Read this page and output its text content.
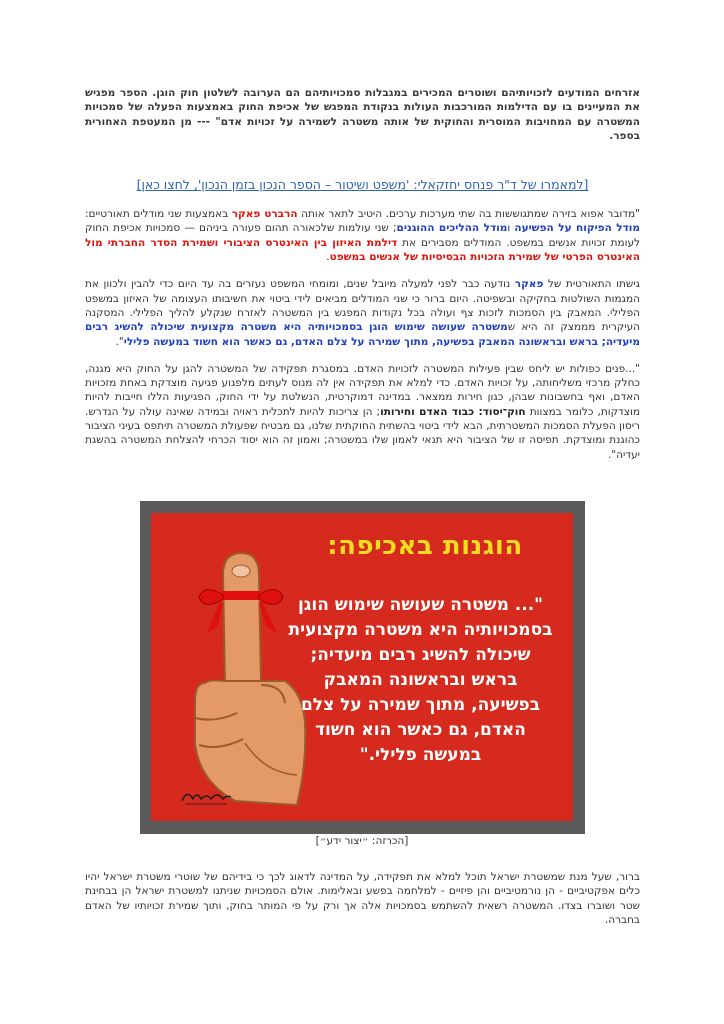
אזרחים המודעים לזכויותיהם ושוטרים המכירים במגבלות סמכויותיהם הם הערובה לשלטון חוק הוגן. הספר מפגיש את המעיינים בו עם הדילמות המורכבות העולות בנקודת המפגש של אכיפת החוק באמצעות הפעלה של סמכויות המשטרה עם המחויבות המוסרית והחוקית של אותה משטרה לשמירה על זכויות אדם" --- מן המעטפת האחורית בספר.

[למאמרו של ד"ר פנחס יחזקאלי: 'משפט ושיטור – הספר הנכון בזמן הנכון', לחצו כאן]

"מדובר אפוא בזירה שמתגוששות בה שתי מערכות ערכים. היטיב לתאר אותה הרברט פאקר באמצעות שני מודלים תאורטיים: מודל הפיקוח על הפשיעה ומודל ההליכים ההוגנים; שני עולמות שלכאורה תהום פעורה ביניהם — סמכויות אכיפת החוק לעומת זכויות אנשים במשפט. המודלים מסבירים את דילמת האיזון בין האינטרס הציבורי ושמירת הסדר החברתי מול האינטרס הפרטי של שמירת הזכויות הבסיסיות של אנשים במשפט.

גישתו התאורטית של פאקר נודעה כבר לפני למעלה מיובל שנים, ומומחי המשפט נעזרים בה עד היום כדי להבין ולכוון את המגמות השולטות בחקיקה ובשפיטה. היום ברור כי שני המודלים מביאים לידי ביטוי את חשיבותו העצומה של האיזון במשפט הפלילי. המאבק בין הסמכות לזכות צף ועולה בכל נקודות המפגש בין המשטרה לאזרח שנקלע להליך הפלילי. המסקנה העיקרית מממצק זה היא שמשטרה שעושה שימוש הוגן בסמכויותיה היא משטרה מקצועית שיכולה להשיג רבים מיעדיה; בראש ובראשונה המאבק בפשיעה, מתוך שמירה על צלם האדם, גם כאשר הוא חשוד במעשה פלילי".

"...פנים כפולות יש ליחס שבין פעילות המשטרה לזכויות האדם. במסגרת תפקידה של המשטרה להגן על החוק היא מגנה, כחלק מרכזי משליחותה, על זכויות האדם. כדי למלא את תפקידה אין לה מנוס לעתים מלפגוע פגיעה מוצדקת באחת מזכויות האדם, ואף בחשבונות שבהן, כגון חירות ממצאר. במדינה דמוקרטית, הנשלטת על ידי החוק, הפגיעות הללו חייבות להיות מוצדקות, כלומר במצוות חוק־יסוד: כבוד האדם וחירותו; הן צריכות להיות לתכלית ראויה ובמידה שאינה עולה על הנדרש. ריסון הפעלת הסמכות המשטרתית, הבא לידי ביטוי בהשתית החוקתית שלנו, גם מבטיח שפעולת המשטרה תיתפס בעיני הציבור כהוגנת ומוצדקת. תפיסה זו של הציבור היא תנאי לאמון שלו במשטרה; ואמון זה הוא יסוד הכרחי להצלחת המשטרה בהשגת יעדיה".

הוגנות באכיפה:
"... משטרה שעושה שימוש הוגן בסמכויותיה היא משטרה מקצועית שיכולה להשיג רבים מיעדיה; בראש ובראשונה המאבק בפשיעה, מתוך שמירה על צלם האדם, גם כאשר הוא חשוד במעשה פלילי."
[הכרזה: ״יצור ידע״]

ברור, שעל מנת שמשטרת ישראל תוכל למלא את תפקידה, על המדינה לדאוג לכך כי בידיהם של שוטרי משטרת ישראל יהיו כלים אפקטיביים - הן נורמטיביים והן פיזיים - למלחמה בפשע ובאלימות. אולם הסמכויות שניתנו למשטרת ישראל הן בבחינת שטר ושוברו בצדו. המשטרה רשאית להשתמש בסמכויות אלה אך ורק על פי המותר בחוק, ותוך שמירת זכויותיו של האדם בחברה.
